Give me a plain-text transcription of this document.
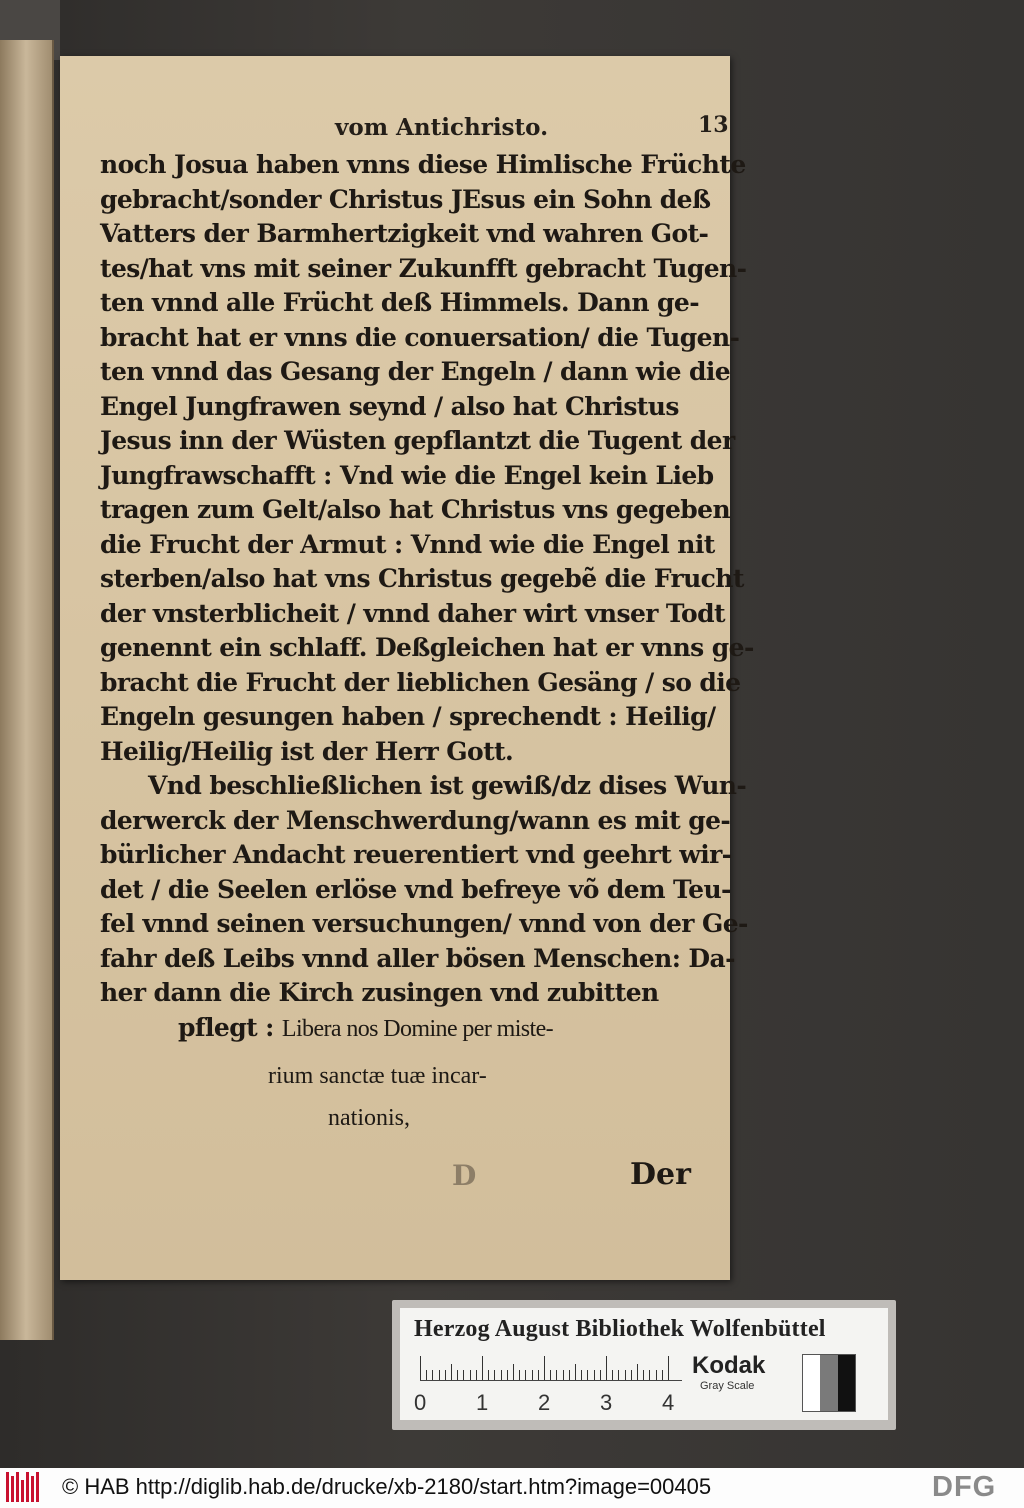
vom Antichristo.	13
noch Josua haben vnns diese Himlische Früchte
gebracht/sonder Christus JEsus ein Sohn deß
Vatters der Barmhertzigkeit vnd wahren Got-
tes/hat vns mit seiner Zukunfft gebracht Tugen-
ten vnnd alle Frücht deß Himmels. Dann ge-
bracht hat er vnns die conuersation/ die Tugen-
ten vnnd das Gesang der Engeln / dann wie die
Engel Jungfrawen seynd / also hat Christus
Jesus inn der Wüsten gepflantzt die Tugent der
Jungfrawschafft : Vnd wie die Engel kein Lieb
tragen zum Gelt/also hat Christus vns gegeben
die Frucht der Armut : Vnnd wie die Engel nit
sterben/also hat vns Christus gegebẽ die Frucht
der vnsterblicheit / vnnd daher wirt vnser Todt
genennt ein schlaff. Deßgleichen hat er vnns ge-
bracht die Frucht der lieblichen Gesäng / so die
Engeln gesungen haben / sprechendt : Heilig/
Heilig/Heilig ist der Herr Gott.
Vnd beschließlichen ist gewiß/dz dises Wun-
derwerck der Menschwerdung/wann es mit ge-
bürlicher Andacht reuerentiert vnd geehrt wir-
det / die Seelen erlöse vnd befreye võ dem Teu-
fel vnnd seinen versuchungen/ vnnd von der Ge-
fahr deß Leibs vnnd aller bösen Menschen: Da-
her dann die Kirch zusingen vnd zubitten
pflegt : Libera nos Domine per miste-
rium sanctæ tuæ incar-
nationis,
D	Der
Herzog August Bibliothek Wolfenbüttel
0 1 2 3 4
Kodak
Gray Scale
© HAB http://diglib.hab.de/drucke/xb-2180/start.htm?image=00405	DFG
